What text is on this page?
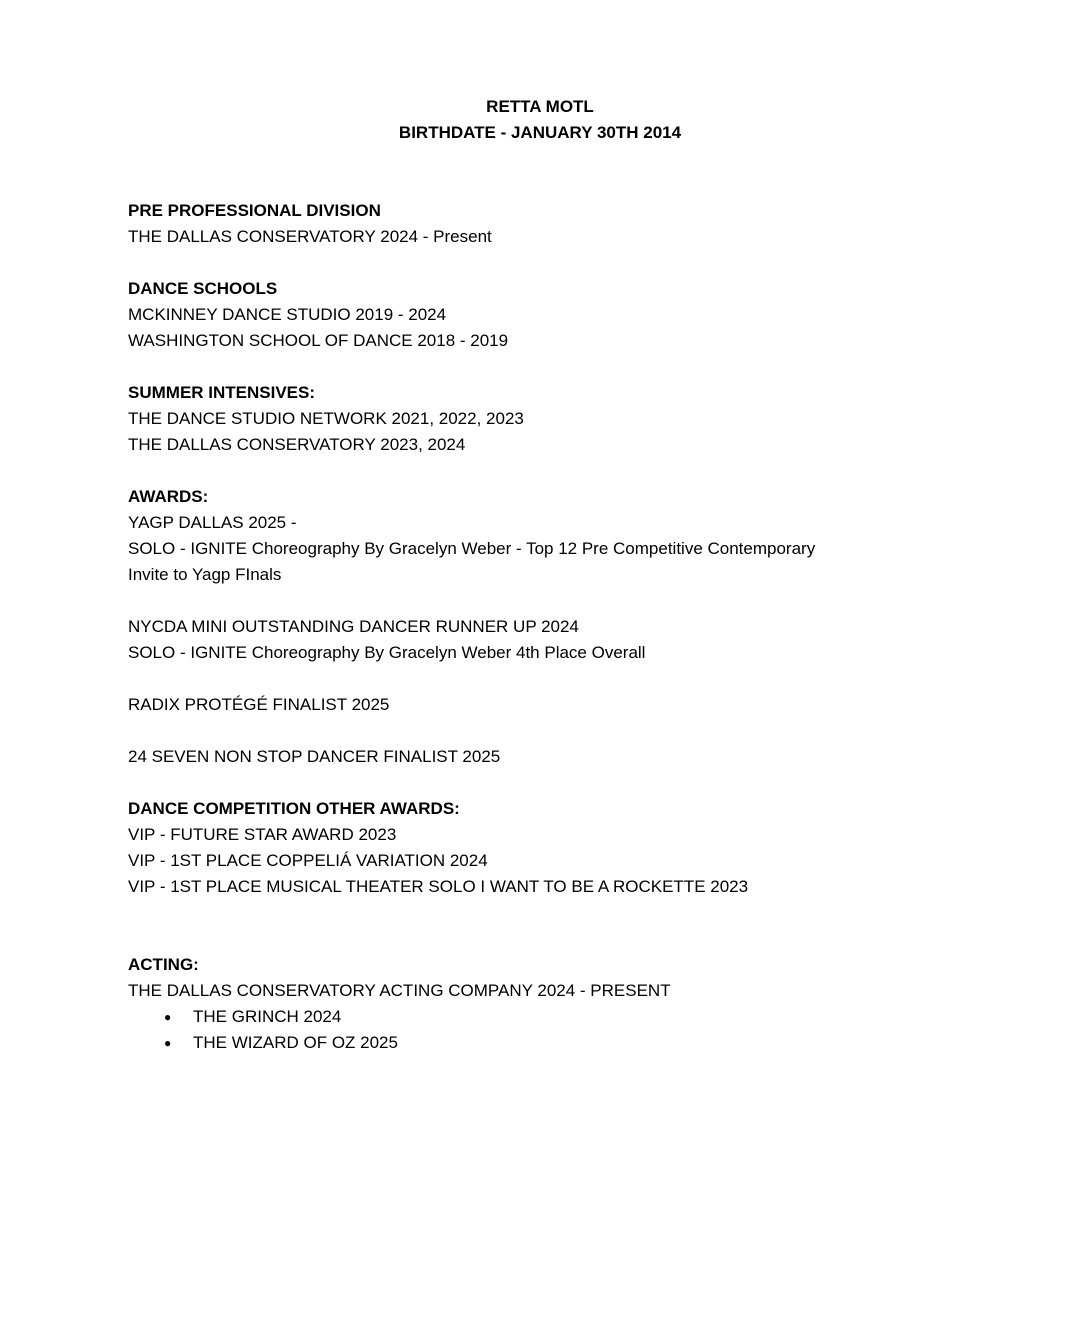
RETTA MOTL
BIRTHDATE - JANUARY 30TH 2014
PRE PROFESSIONAL DIVISION
THE DALLAS CONSERVATORY 2024 - Present
DANCE SCHOOLS
MCKINNEY DANCE STUDIO 2019 - 2024
WASHINGTON SCHOOL OF DANCE 2018 - 2019
SUMMER INTENSIVES:
THE DANCE STUDIO NETWORK 2021, 2022, 2023
THE DALLAS CONSERVATORY 2023, 2024
AWARDS:
YAGP DALLAS 2025 -
SOLO - IGNITE Choreography By Gracelyn Weber - Top 12 Pre Competitive Contemporary
Invite to Yagp FInals
NYCDA MINI OUTSTANDING DANCER RUNNER UP 2024
SOLO - IGNITE Choreography By Gracelyn Weber 4th Place Overall
RADIX PROTÉGÉ FINALIST 2025
24 SEVEN NON STOP DANCER FINALIST 2025
DANCE COMPETITION OTHER AWARDS:
VIP - FUTURE STAR AWARD 2023
VIP - 1ST PLACE COPPELIÁ VARIATION 2024
VIP - 1ST PLACE MUSICAL THEATER SOLO I WANT TO BE A ROCKETTE 2023
ACTING:
THE DALLAS CONSERVATORY ACTING COMPANY 2024 - PRESENT
●	THE GRINCH 2024
●	THE WIZARD OF OZ 2025
